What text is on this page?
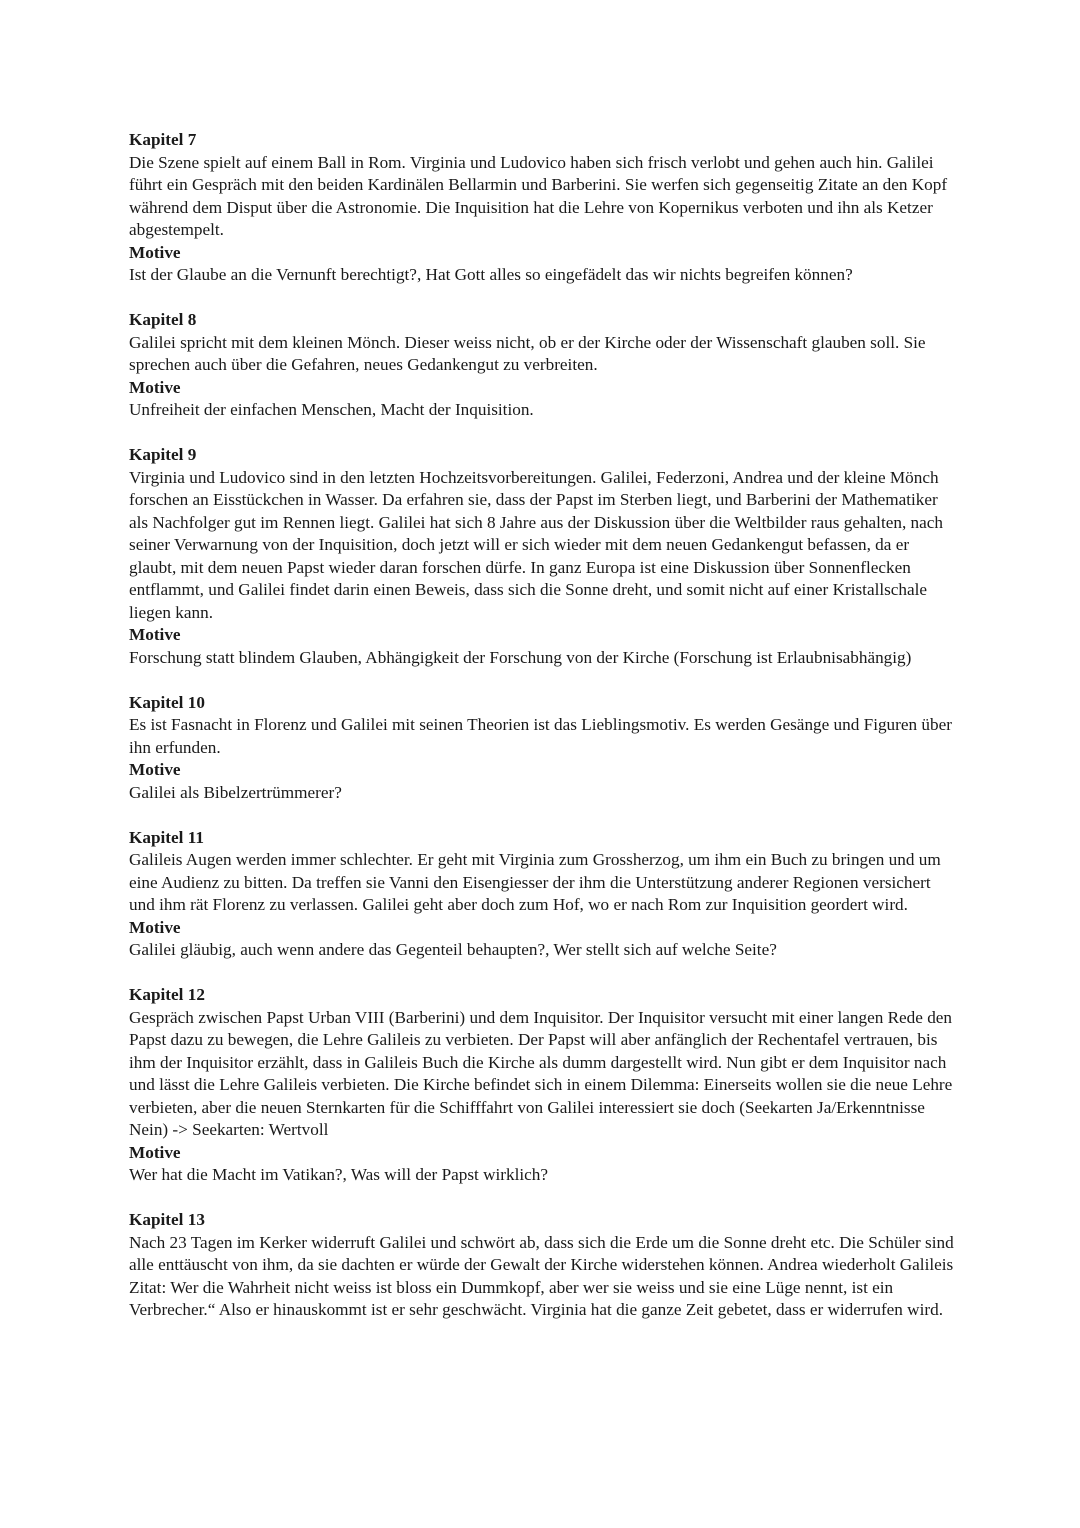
Kapitel 7

Die Szene spielt auf einem Ball in Rom. Virginia und Ludovico haben sich frisch verlobt und gehen auch hin. Galilei führt ein Gespräch mit den beiden Kardinälen Bellarmin und Barberini. Sie werfen sich gegenseitig Zitate an den Kopf während dem Disput über die Astronomie. Die Inquisition hat die Lehre von Kopernikus verboten und ihn als Ketzer abgestempelt.

Motive

Ist der Glaube an die Vernunft berechtigt?, Hat Gott alles so eingefädelt das wir nichts begreifen können?

Kapitel 8

Galilei spricht mit dem kleinen Mönch. Dieser weiss nicht, ob er der Kirche oder der Wissenschaft glauben soll. Sie sprechen auch über die Gefahren, neues Gedankengut zu verbreiten.

Motive

Unfreiheit der einfachen Menschen, Macht der Inquisition.

Kapitel 9

Virginia und Ludovico sind in den letzten Hochzeitsvorbereitungen. Galilei, Federzoni, Andrea und der kleine Mönch forschen an Eisstückchen in Wasser. Da erfahren sie, dass der Papst im Sterben liegt, und Barberini der Mathematiker als Nachfolger gut im Rennen liegt. Galilei hat sich 8 Jahre aus der Diskussion über die Weltbilder raus gehalten, nach seiner Verwarnung von der Inquisition, doch jetzt will er sich wieder mit dem neuen Gedankengut befassen, da er glaubt, mit dem neuen Papst wieder daran forschen dürfe. In ganz Europa ist eine Diskussion über Sonnenflecken entflammt, und Galilei findet darin einen Beweis, dass sich die Sonne dreht, und somit nicht auf einer Kristallschale liegen kann.

Motive

Forschung statt blindem Glauben, Abhängigkeit der Forschung von der Kirche (Forschung ist Erlaubnisabhängig)

Kapitel 10

Es ist Fasnacht in Florenz und Galilei mit seinen Theorien ist das Lieblingsmotiv. Es werden Gesänge und Figuren über ihn erfunden.

Motive

Galilei als Bibelzertrümmerer?

Kapitel 11

Galileis Augen werden immer schlechter. Er geht mit Virginia zum Grossherzog, um ihm ein Buch zu bringen und um eine Audienz zu bitten. Da treffen sie Vanni den Eisengiesser der ihm die Unterstützung anderer Regionen versichert und ihm rät Florenz zu verlassen. Galilei geht aber doch zum Hof, wo er nach Rom zur Inquisition geordert wird.

Motive

Galilei gläubig, auch wenn andere das Gegenteil behaupten?, Wer stellt sich auf welche Seite?

Kapitel 12

Gespräch zwischen Papst Urban VIII (Barberini) und dem Inquisitor. Der Inquisitor versucht mit einer langen Rede den Papst dazu zu bewegen, die Lehre Galileis zu verbieten. Der Papst will aber anfänglich der Rechentafel vertrauen, bis ihm der Inquisitor erzählt, dass in Galileis Buch die Kirche als dumm dargestellt wird. Nun gibt er dem Inquisitor nach und lässt die Lehre Galileis verbieten. Die Kirche befindet sich in einem Dilemma: Einerseits wollen sie die neue Lehre verbieten, aber die neuen Sternkarten für die Schifffahrt von Galilei interessiert sie doch (Seekarten Ja/Erkenntnisse Nein) -> Seekarten: Wertvoll

Motive

Wer hat die Macht im Vatikan?, Was will der Papst wirklich?

Kapitel 13

Nach 23 Tagen im Kerker widerruft Galilei und schwört ab, dass sich die Erde um die Sonne dreht etc. Die Schüler sind alle enttäuscht von ihm, da sie dachten er würde der Gewalt der Kirche widerstehen können. Andrea wiederholt Galileis Zitat: Wer die Wahrheit nicht weiss ist bloss ein Dummkopf, aber wer sie weiss und sie eine Lüge nennt, ist ein Verbrecher.“ Also er hinauskommt ist er sehr geschwächt. Virginia hat die ganze Zeit gebetet, dass er widerrufen wird.
